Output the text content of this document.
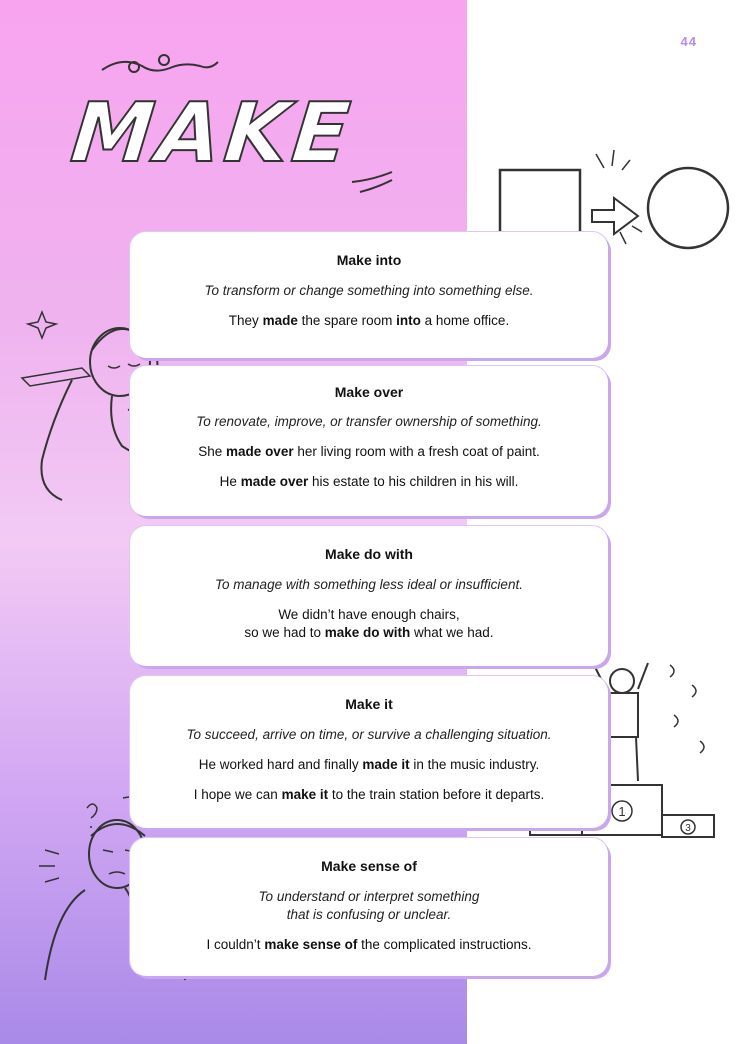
44
MAKE
1
3
Make into
To transform or change something into something else.
They made the spare room into a home office.
Make over
To renovate, improve, or transfer ownership of something.
She made over her living room with a fresh coat of paint.
He made over his estate to his children in his will.
Make do with
To manage with something less ideal or insufficient.
We didn’t have enough chairs,
so we had to make do with what we had.
Make it
To succeed, arrive on time, or survive a challenging situation.
He worked hard and finally made it in the music industry.
I hope we can make it to the train station before it departs.
Make sense of
To understand or interpret something
that is confusing or unclear.
I couldn’t make sense of the complicated instructions.
